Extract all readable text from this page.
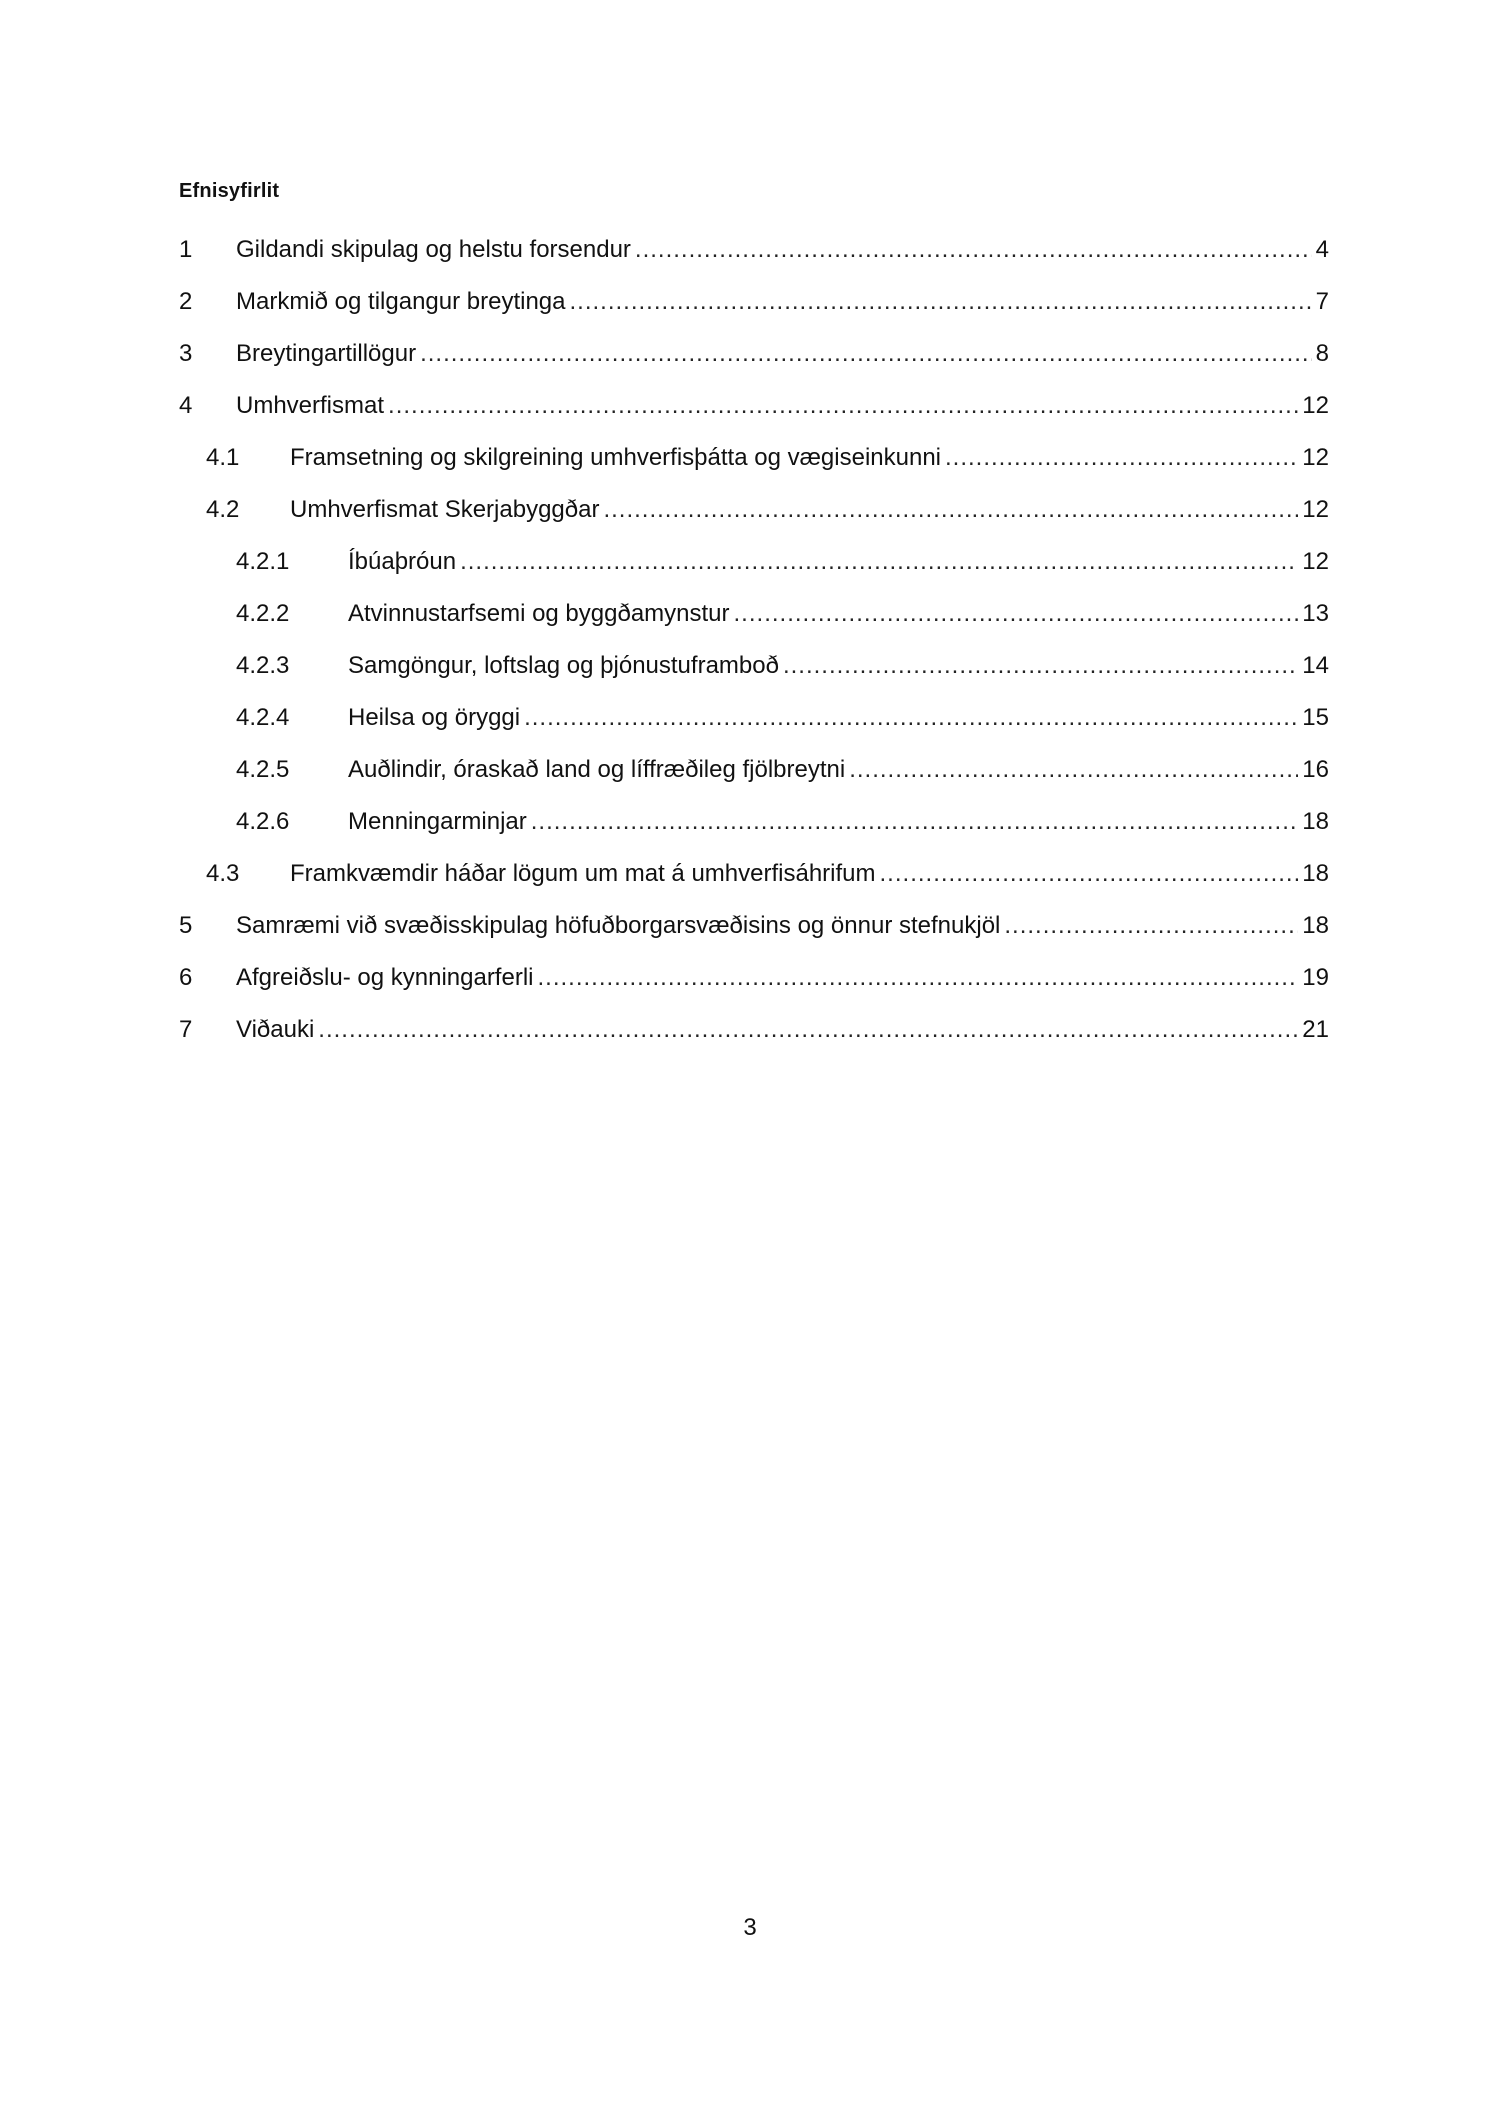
Efnisyfirlit
1	Gildandi skipulag og helstu forsendur .....	4
2	Markmið og tilgangur breytinga .....	7
3	Breytingartillögur .....	8
4	Umhverfismat .....	12
4.1	Framsetning og skilgreining umhverfisþátta og vægiseinkunni .....	12
4.2	Umhverfismat Skerjabyggðar .....	12
4.2.1	Íbúaþróun .....	12
4.2.2	Atvinnustarfsemi og byggðamynstur .....	13
4.2.3	Samgöngur, loftslag og þjónustuframboð .....	14
4.2.4	Heilsa og öryggi .....	15
4.2.5	Auðlindir, óraskað land og líffræðileg fjölbreytni .....	16
4.2.6	Menningarminjar .....	18
4.3	Framkvæmdir háðar lögum um mat á umhverfisáhrifum .....	18
5	Samræmi við svæðisskipulag höfuðborgarsvæðisins og önnur stefnukjöl .....	18
6	Afgreiðslu- og kynningarferli .....	19
7	Viðauki .....	21
3
